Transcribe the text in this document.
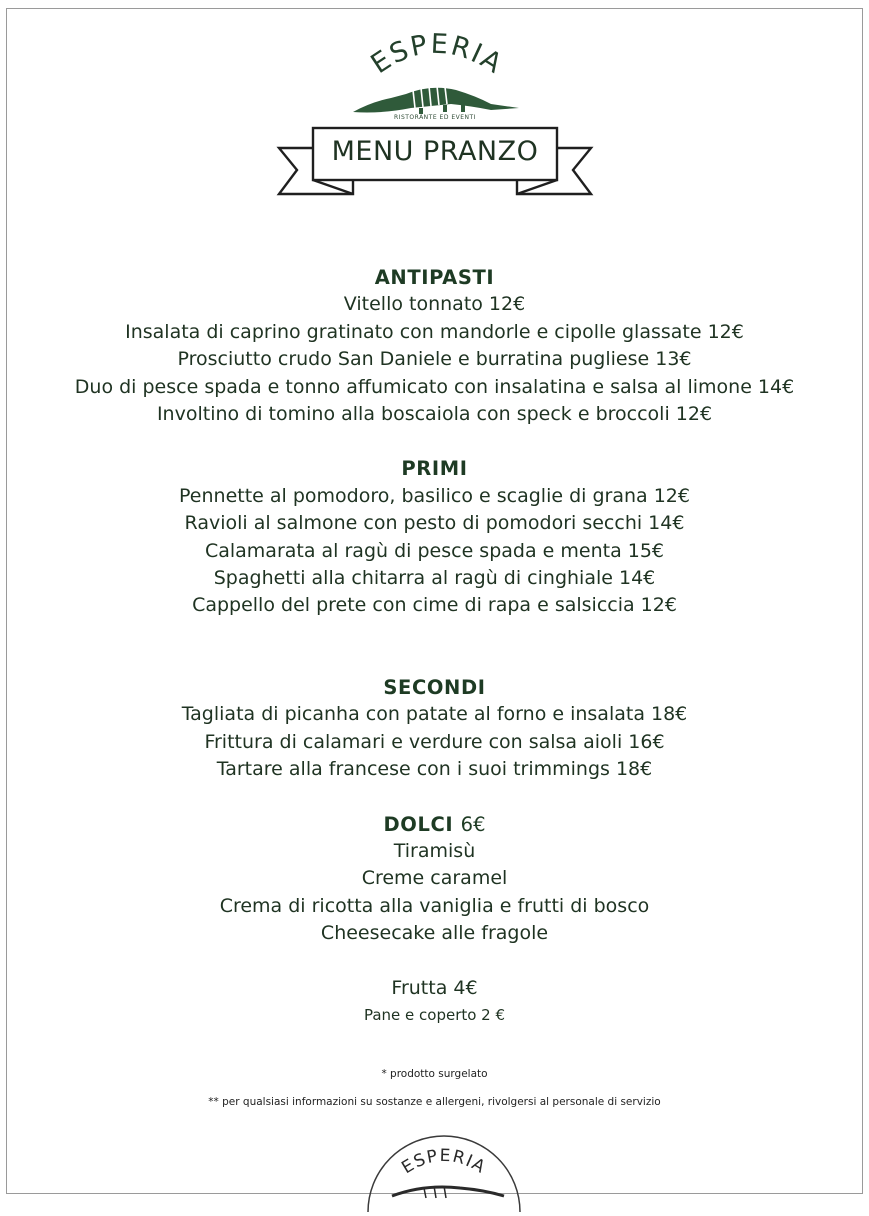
ESPERIA
RISTORANTE ED EVENTI
MENU PRANZO
ANTIPASTI
Vitello tonnato 12€
Insalata di caprino gratinato con mandorle e cipolle glassate 12€
Prosciutto crudo San Daniele e burratina pugliese 13€
Duo di pesce spada e tonno affumicato con insalatina e salsa al limone 14€
Involtino di tomino alla boscaiola con speck e broccoli 12€
PRIMI
Pennette al pomodoro, basilico e scaglie di grana 12€
Ravioli al salmone con pesto di pomodori secchi 14€
Calamarata al ragù di pesce spada e menta 15€
Spaghetti alla chitarra al ragù di cinghiale 14€
Cappello del prete con cime di rapa e salsiccia 12€
SECONDI
Tagliata di picanha con patate al forno e insalata 18€
Frittura di calamari e verdure con salsa aioli 16€
Tartare alla francese con i suoi trimmings 18€
DOLCI 6€
Tiramisù
Creme caramel
Crema di ricotta alla vaniglia e frutti di bosco
Cheesecake alle fragole
Frutta 4€
Pane e coperto 2 €
* prodotto surgelato
** per qualsiasi informazioni su sostanze e allergeni, rivolgersi al personale di servizio
ESPERIA
